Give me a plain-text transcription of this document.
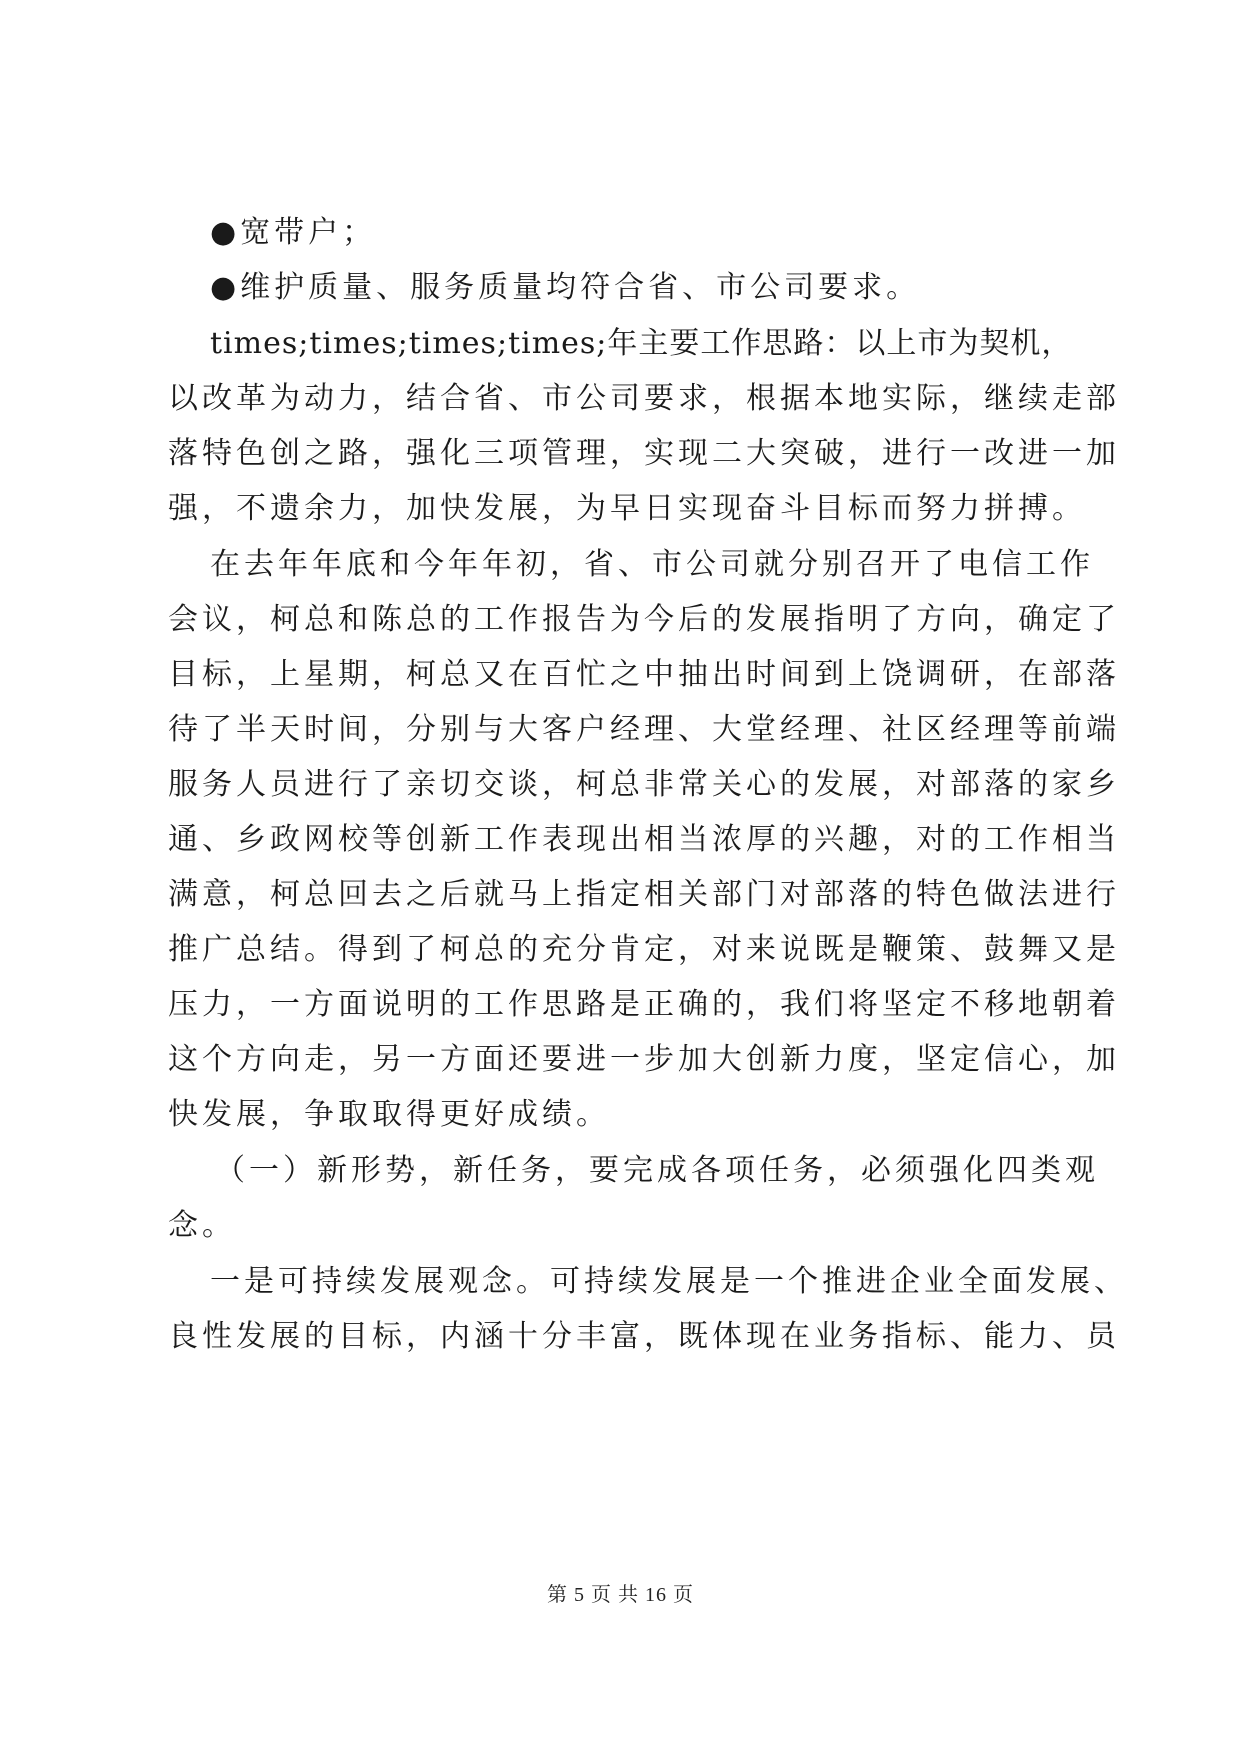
●宽带户；
●维护质量、服务质量均符合省、市公司要求。
times;times;times;times;年主要工作思路：以上市为契机，
以改革为动力，结合省、市公司要求，根据本地实际，继续走部
落特色创之路，强化三项管理，实现二大突破，进行一改进一加
强，不遗余力，加快发展，为早日实现奋斗目标而努力拼搏。
在去年年底和今年年初，省、市公司就分别召开了电信工作
会议，柯总和陈总的工作报告为今后的发展指明了方向，确定了
目标，上星期，柯总又在百忙之中抽出时间到上饶调研，在部落
待了半天时间，分别与大客户经理、大堂经理、社区经理等前端
服务人员进行了亲切交谈，柯总非常关心的发展，对部落的家乡
通、乡政网校等创新工作表现出相当浓厚的兴趣，对的工作相当
满意，柯总回去之后就马上指定相关部门对部落的特色做法进行
推广总结。得到了柯总的充分肯定，对来说既是鞭策、鼓舞又是
压力，一方面说明的工作思路是正确的，我们将坚定不移地朝着
这个方向走，另一方面还要进一步加大创新力度，坚定信心，加
快发展，争取取得更好成绩。
（一）新形势，新任务，要完成各项任务，必须强化四类观
念。
一是可持续发展观念。可持续发展是一个推进企业全面发展、
良性发展的目标，内涵十分丰富，既体现在业务指标、能力、员
第 5 页 共 16 页
